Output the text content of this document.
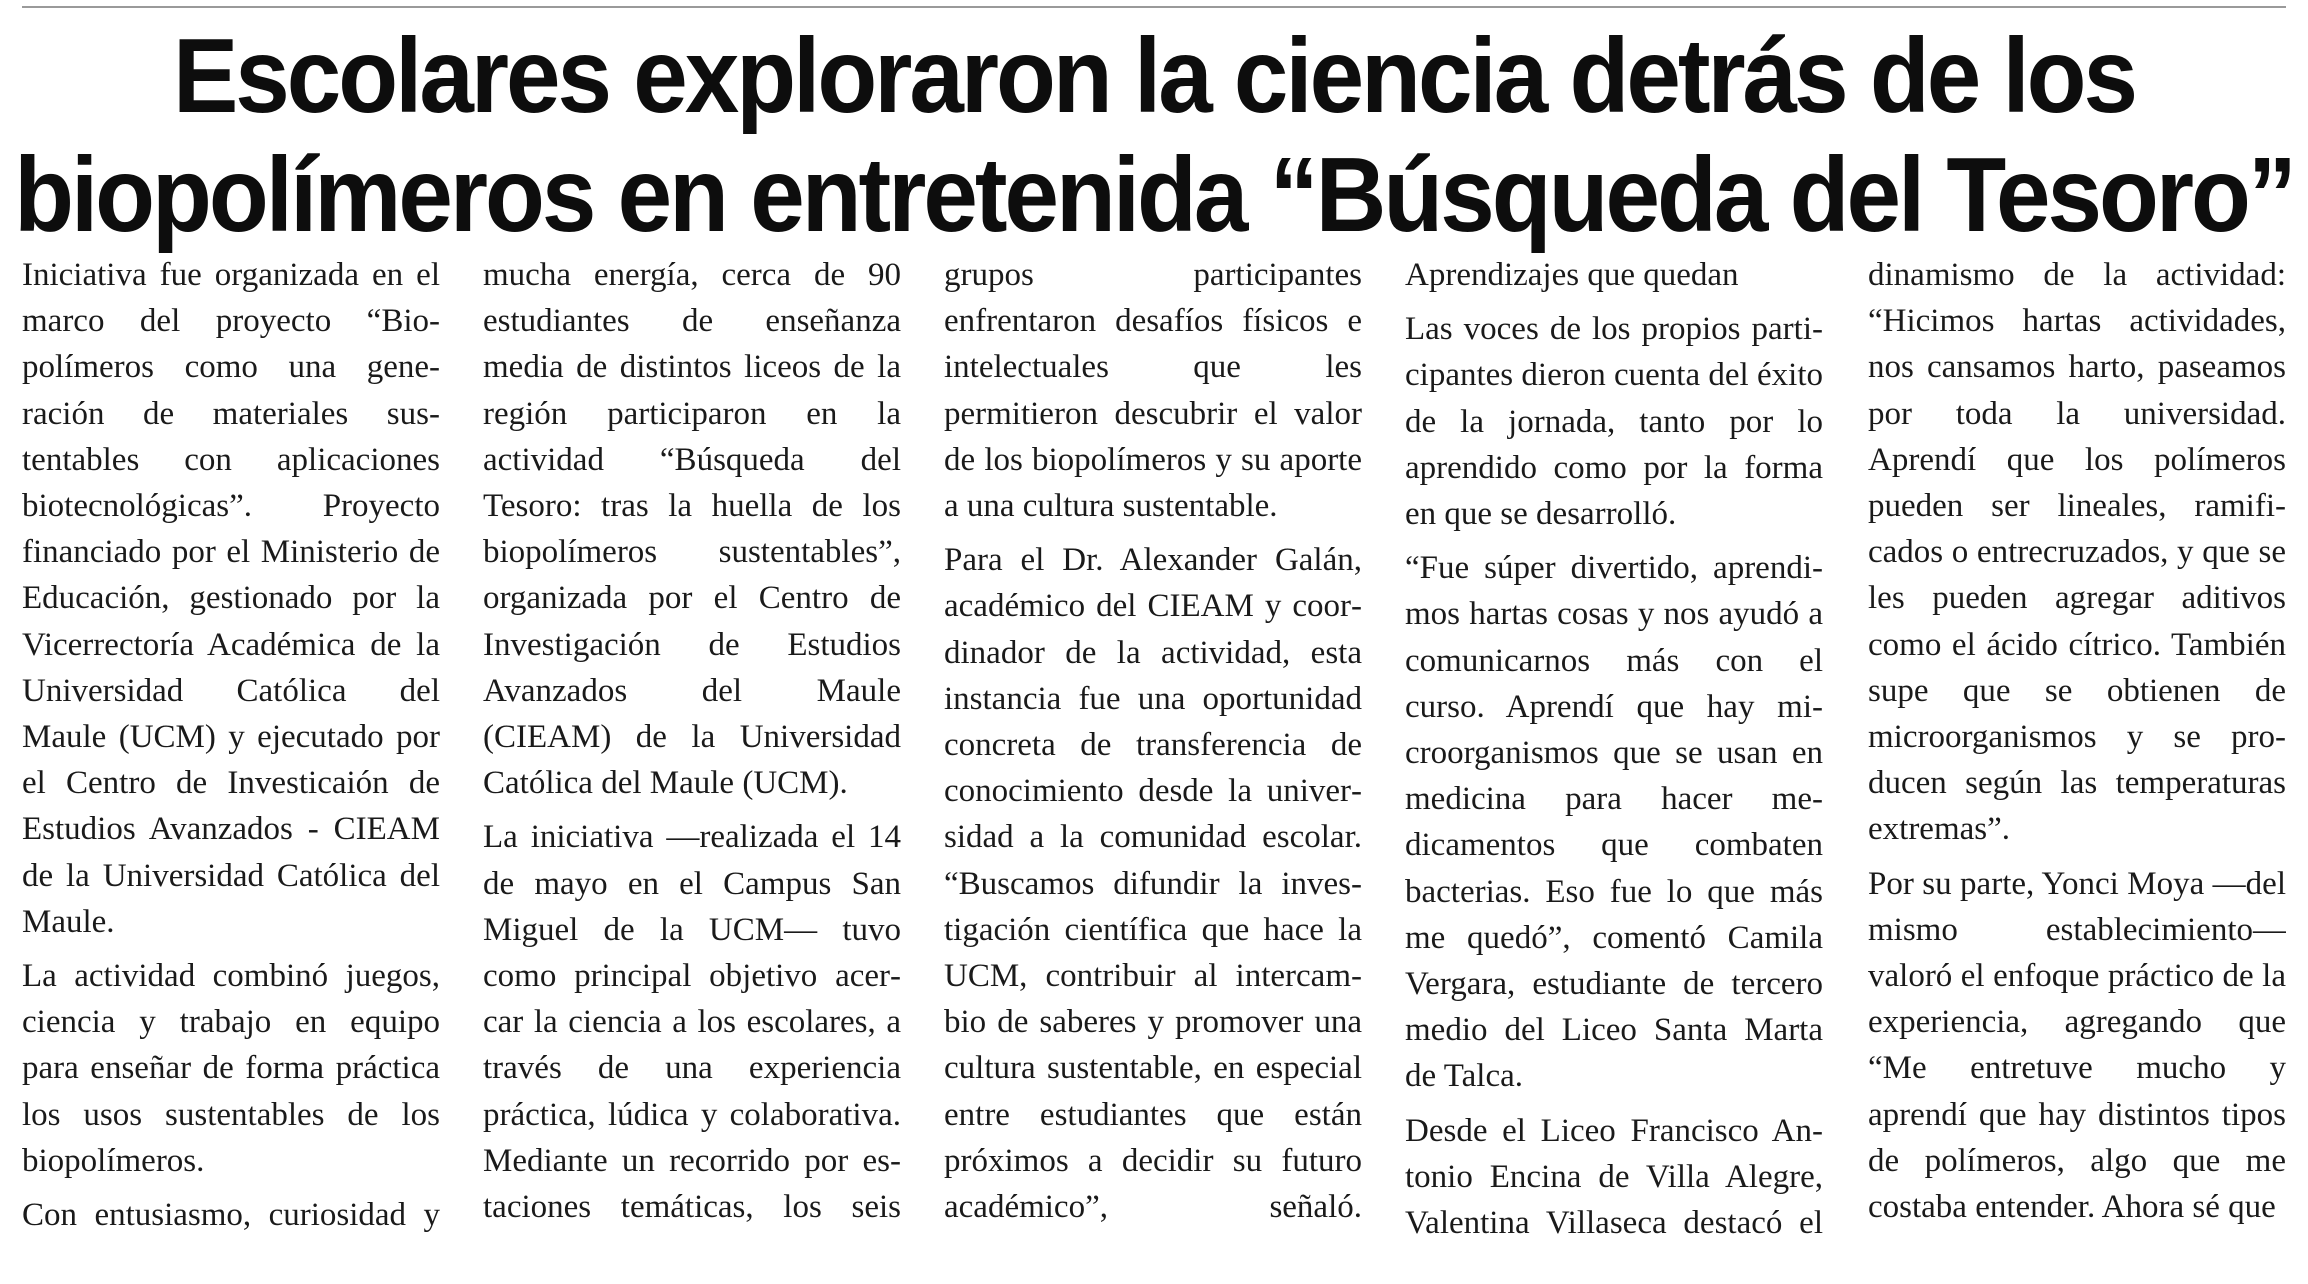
Escolares exploraron la ciencia detrás de los
biopolímeros en entretenida “Búsqueda del Tesoro”

Iniciativa fue organizada en el marco del proyecto “Biopolímeros como una generación de materiales sustentables con aplicaciones biotecnológicas”. Proyecto financiado por el Ministerio de Educación, gestionado por la Vicerrectoría Académica de la Universidad Católica del Maule (UCM) y ejecutado por el Centro de Investicaión de Estudios Avanzados - CIEAM de la Universidad Católica del Maule.

La actividad combinó juegos, ciencia y trabajo en equipo para enseñar de forma práctica los usos sustentables de los biopolímeros.

Con entusiasmo, curiosidad y

mucha energía, cerca de 90 estudiantes de enseñanza media de distintos liceos de la región participaron en la actividad “Búsqueda del Tesoro: tras la huella de los biopolímeros sustentables”, organizada por el Centro de Investigación de Estudios Avanzados del Maule (CIEAM) de la Universidad Católica del Maule (UCM).

La iniciativa —realizada el 14 de mayo en el Campus San Miguel de la UCM— tuvo como principal objetivo acercar la ciencia a los escolares, a través de una experiencia práctica, lúdica y colaborativa. Mediante un recorrido por estaciones temáticas, los seis

grupos participantes enfrentaron desafíos físicos e intelectuales que les permitieron descubrir el valor de los biopolímeros y su aporte a una cultura sustentable.

Para el Dr. Alexander Galán, académico del CIEAM y coordinador de la actividad, esta instancia fue una oportunidad concreta de transferencia de conocimiento desde la universidad a la comunidad escolar. “Buscamos difundir la investigación científica que hace la UCM, contribuir al intercambio de saberes y promover una cultura sustentable, en especial entre estudiantes que están próximos a decidir su futuro académico”, señaló.

Aprendizajes que quedan

Las voces de los propios participantes dieron cuenta del éxito de la jornada, tanto por lo aprendido como por la forma en que se desarrolló.

“Fue súper divertido, aprendimos hartas cosas y nos ayudó a comunicarnos más con el curso. Aprendí que hay microorganismos que se usan en medicina para hacer medicamentos que combaten bacterias. Eso fue lo que más me quedó”, comentó Camila Vergara, estudiante de tercero medio del Liceo Santa Marta de Talca.

Desde el Liceo Francisco Antonio Encina de Villa Alegre, Valentina Villaseca destacó el

dinamismo de la actividad: “Hicimos hartas actividades, nos cansamos harto, paseamos por toda la universidad. Aprendí que los polímeros pueden ser lineales, ramificados o entrecruzados, y que se les pueden agregar aditivos como el ácido cítrico. También supe que se obtienen de microorganismos y se producen según las temperaturas extremas”.

Por su parte, Yonci Moya —del mismo establecimiento— valoró el enfoque práctico de la experiencia, agregando que “Me entretuve mucho y aprendí que hay distintos tipos de polímeros, algo que me costaba entender. Ahora sé que
